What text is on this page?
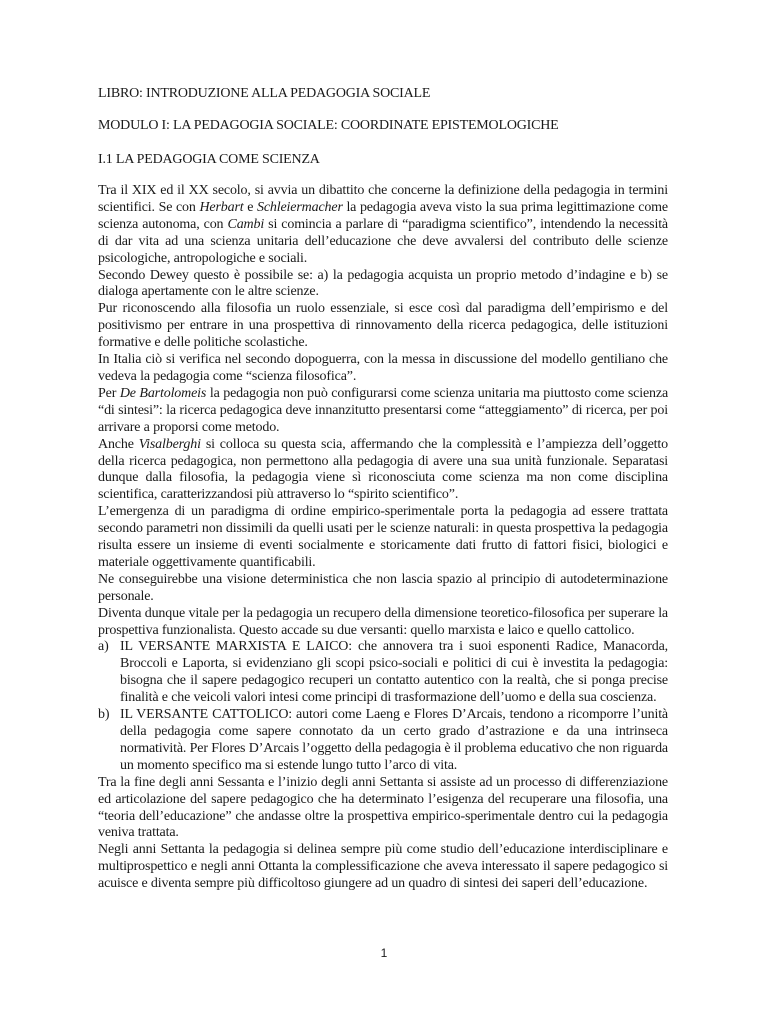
LIBRO: INTRODUZIONE ALLA PEDAGOGIA SOCIALE
MODULO I: LA PEDAGOGIA SOCIALE: COORDINATE EPISTEMOLOGICHE
I.1 LA PEDAGOGIA COME SCIENZA

Tra il XIX ed il XX secolo, si avvia un dibattito che concerne la definizione della pedagogia in termini scientifici. Se con Herbart e Schleiermacher la pedagogia aveva visto la sua prima legittimazione come scienza autonoma, con Cambi si comincia a parlare di “paradigma scientifico”, intendendo la necessità di dar vita ad una scienza unitaria dell’educazione che deve avvalersi del contributo delle scienze psicologiche, antropologiche e sociali.

Secondo Dewey questo è possibile se: a) la pedagogia acquista un proprio metodo d’indagine e b) se dialoga apertamente con le altre scienze.

Pur riconoscendo alla filosofia un ruolo essenziale, si esce così dal paradigma dell’empirismo e del positivismo per entrare in una prospettiva di rinnovamento della ricerca pedagogica, delle istituzioni formative e delle politiche scolastiche.

In Italia ciò si verifica nel secondo dopoguerra, con la messa in discussione del modello gentiliano che vedeva la pedagogia come “scienza filosofica”.

Per De Bartolomeis la pedagogia non può configurarsi come scienza unitaria ma piuttosto come scienza “di sintesi”: la ricerca pedagogica deve innanzitutto presentarsi come “atteggiamento” di ricerca, per poi arrivare a proporsi come metodo.

Anche Visalberghi si colloca su questa scia, affermando che la complessità e l’ampiezza dell’oggetto della ricerca pedagogica, non permettono alla pedagogia di avere una sua unità funzionale. Separatasi dunque dalla filosofia, la pedagogia viene sì riconosciuta come scienza ma non come disciplina scientifica, caratterizzandosi più attraverso lo “spirito scientifico”.

L’emergenza di un paradigma di ordine empirico-sperimentale porta la pedagogia ad essere trattata secondo parametri non dissimili da quelli usati per le scienze naturali: in questa prospettiva la pedagogia risulta essere un insieme di eventi socialmente e storicamente dati frutto di fattori fisici, biologici e materiale oggettivamente quantificabili.

Ne conseguirebbe una visione deterministica che non lascia spazio al principio di autodeterminazione personale.

Diventa dunque vitale per la pedagogia un recupero della dimensione teoretico-filosofica per superare la prospettiva funzionalista. Questo accade su due versanti: quello marxista e laico e quello cattolico.

a) IL VERSANTE MARXISTA E LAICO: che annovera tra i suoi esponenti Radice, Manacorda, Broccoli e Laporta, si evidenziano gli scopi psico-sociali e politici di cui è investita la pedagogia: bisogna che il sapere pedagogico recuperi un contatto autentico con la realtà, che si ponga precise finalità e che veicoli valori intesi come principi di trasformazione dell’uomo e della sua coscienza.
b) IL VERSANTE CATTOLICO: autori come Laeng e Flores D’Arcais, tendono a ricomporre l’unità della pedagogia come sapere connotato da un certo grado d’astrazione e da una intrinseca normatività. Per Flores D’Arcais l’oggetto della pedagogia è il problema educativo che non riguarda un momento specifico ma si estende lungo tutto l’arco di vita.

Tra la fine degli anni Sessanta e l’inizio degli anni Settanta si assiste ad un processo di differenziazione ed articolazione del sapere pedagogico che ha determinato l’esigenza del recuperare una filosofia, una “teoria dell’educazione” che andasse oltre la prospettiva empirico-sperimentale dentro cui la pedagogia veniva trattata.

Negli anni Settanta la pedagogia si delinea sempre più come studio dell’educazione interdisciplinare e multiprospettico e negli anni Ottanta la complessificazione che aveva interessato il sapere pedagogico si acuisce e diventa sempre più difficoltoso giungere ad un quadro di sintesi dei saperi dell’educazione.

1
